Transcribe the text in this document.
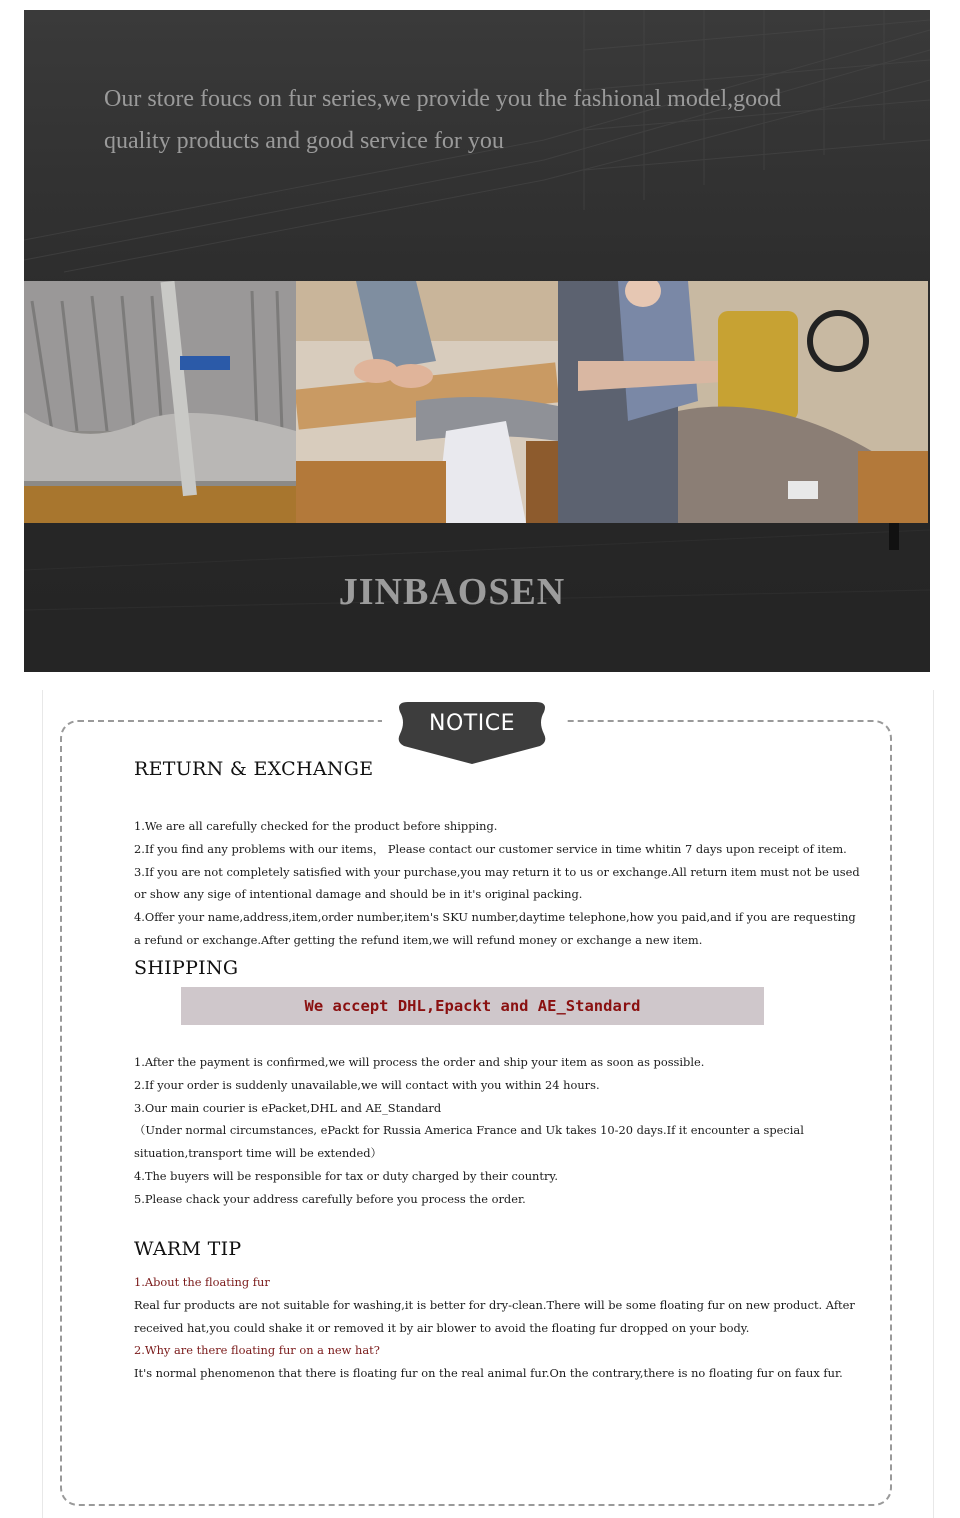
Our store foucs on fur series,we provide you the fashional model,good quality products and good service for you

JINBAOSEN

NOTICE
RETURN & EXCHANGE

1.We are all carefully checked for the product before shipping.

2.If you find any problems with our items， Please contact our customer service in time whitin 7 days upon receipt of item.

3.If you are not completely satisfied with your purchase,you may return it to us or exchange.All return item must not be used or show any sige of intentional damage and should be in it's original packing.

4.Offer your name,address,item,order number,item's SKU number,daytime telephone,how you paid,and if you are requesting a refund or exchange.After getting the refund item,we will refund money or exchange a new item.

SHIPPING
We accept DHL,Epackt and AE_Standard

1.After the payment is confirmed,we will process the order and ship your item as soon as possible.

2.If your order is suddenly unavailable,we will contact with you within 24 hours.

3.Our main courier is ePacket,DHL and AE_Standard

（Under normal circumstances, ePackt for Russia America France and Uk takes 10-20 days.If it encounter a special situation,transport time will be extended）

4.The buyers will be responsible for tax or duty charged by their country.

5.Please chack your address carefully before you process the order.

WARM TIP

1.About the floating fur

Real fur products are not suitable for washing,it is better for dry-clean.There will be some floating fur on new product. After received hat,you could shake it or removed it by air blower to avoid the floating fur dropped on your body.

2.Why are there floating fur on a new hat?

It's normal phenomenon that there is floating fur on the real animal fur.On the contrary,there is no floating fur on faux fur.
